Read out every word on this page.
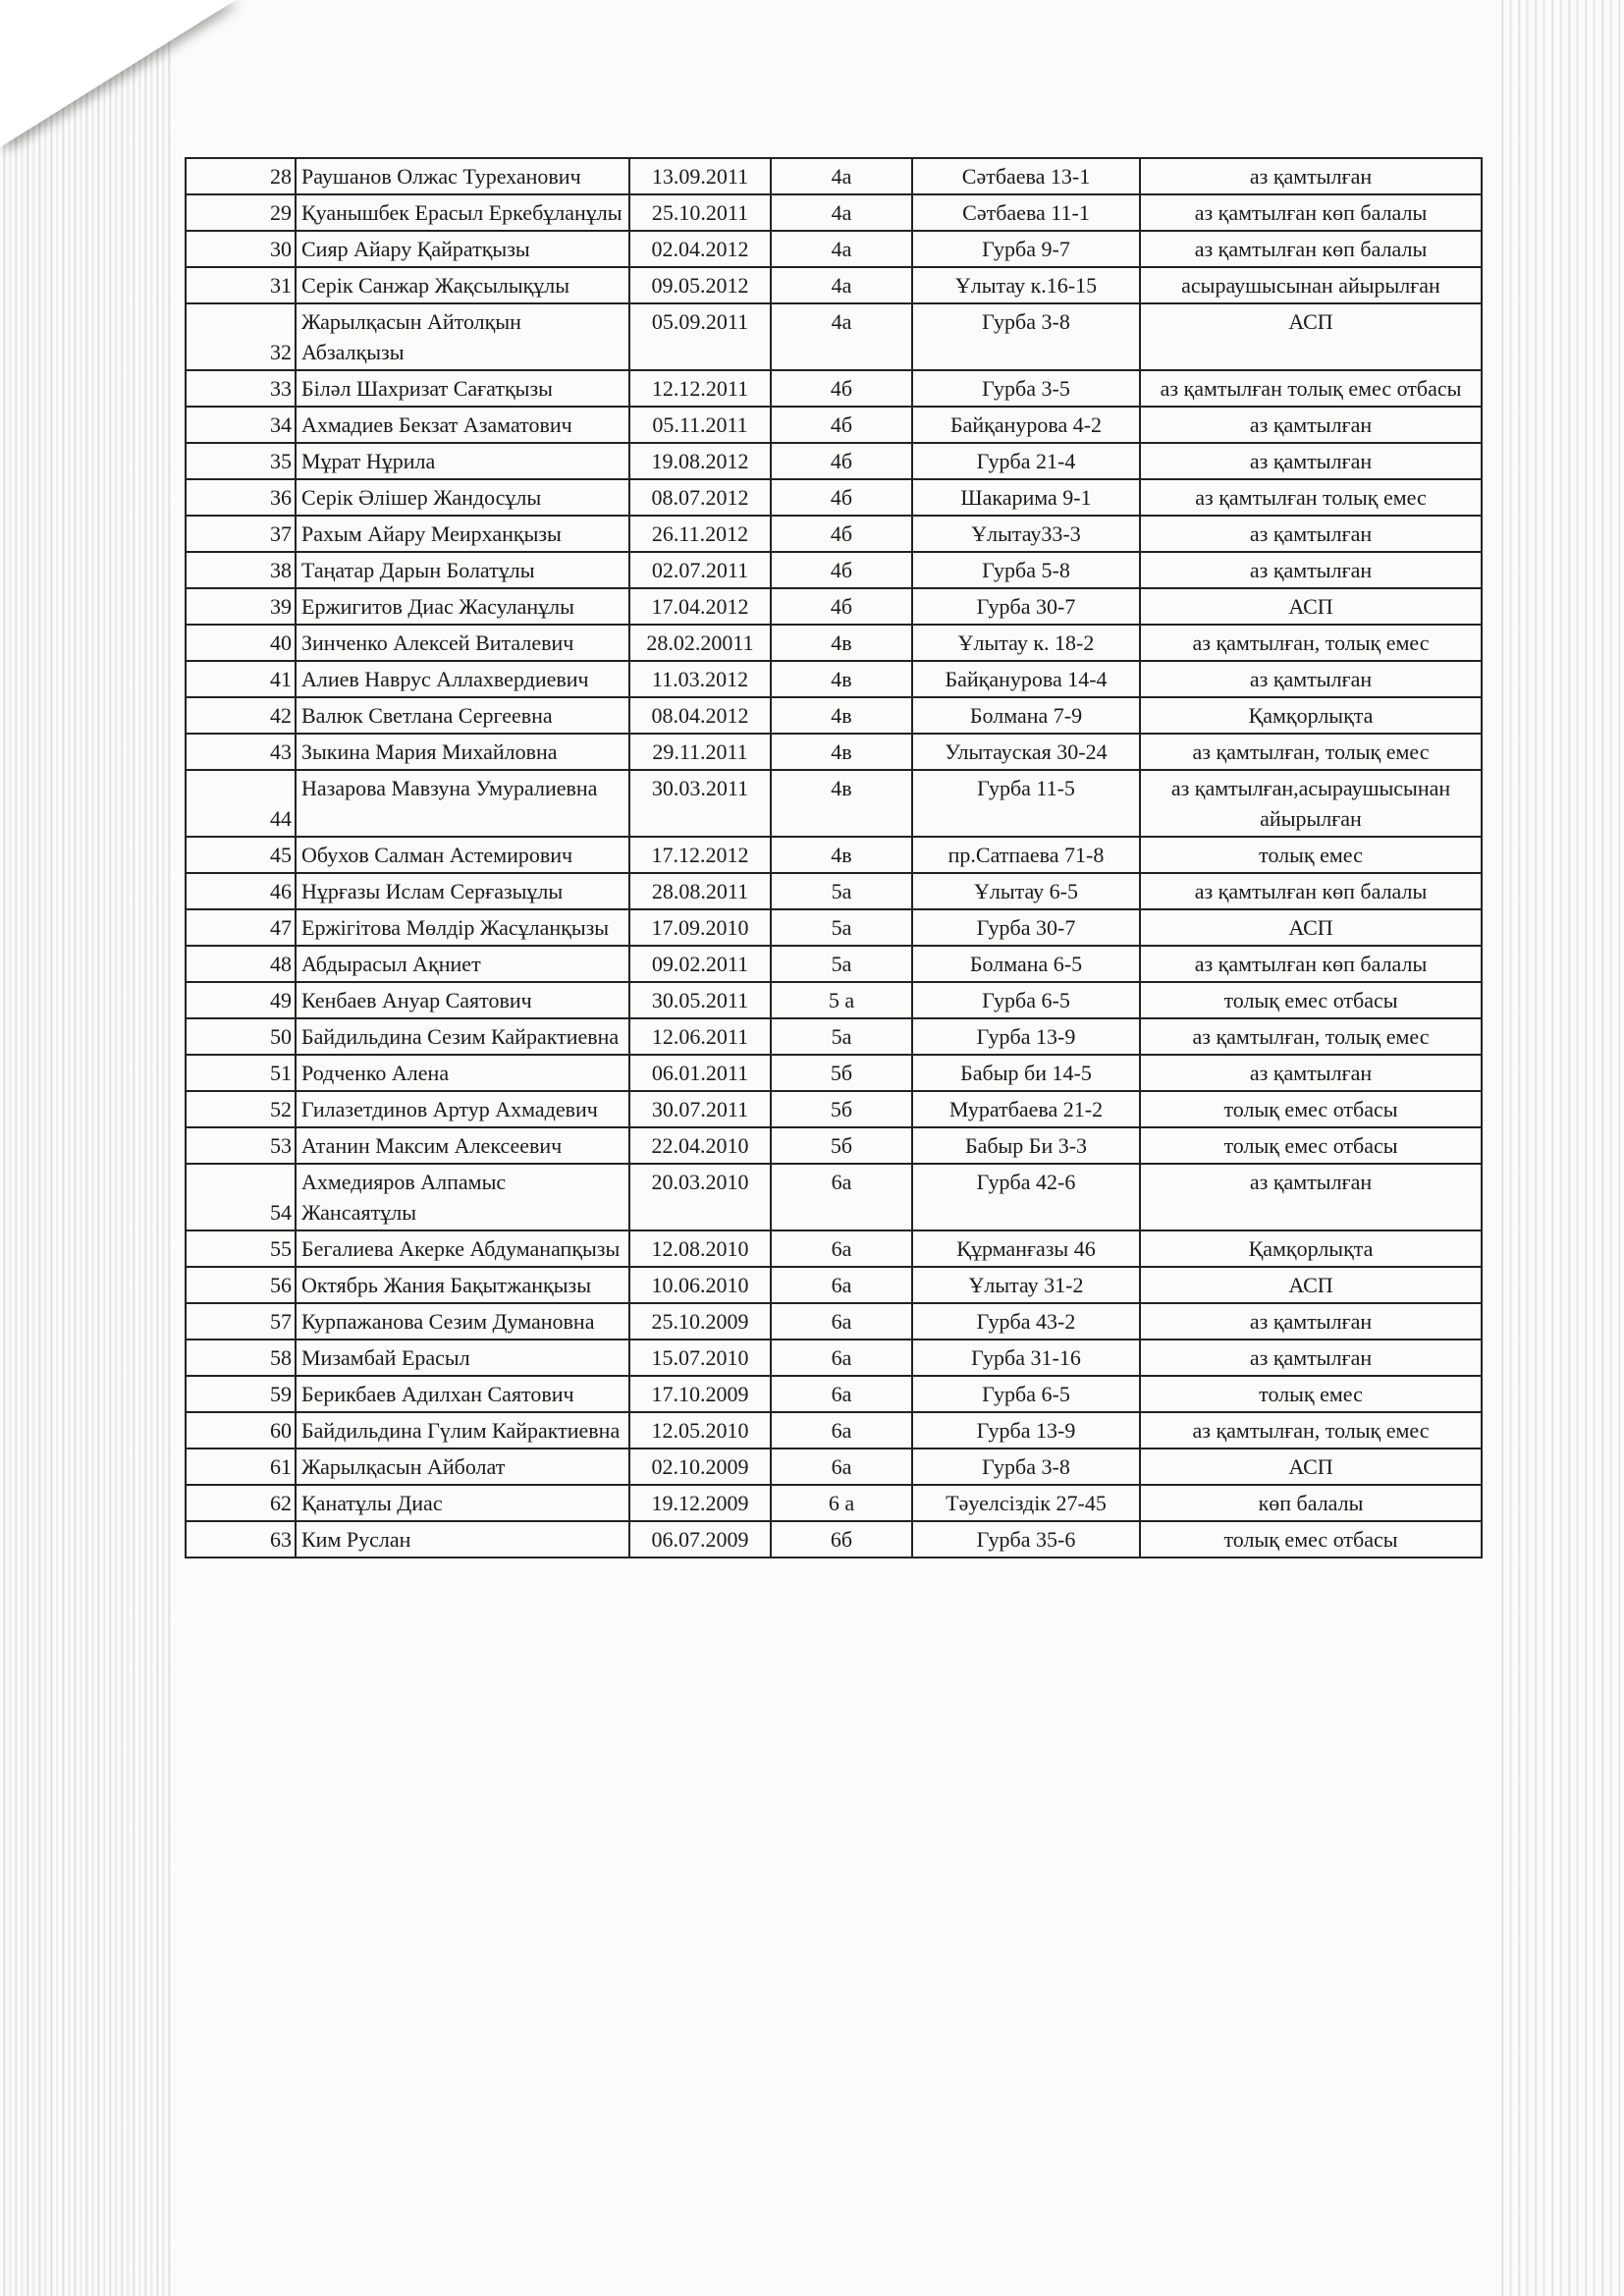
28	Раушанов Олжас Туреханович	13.09.2011	4а	Сәтбаева 13-1	аз қамтылған
29	Қуанышбек Ерасыл Еркебұланұлы	25.10.2011	4а	Сәтбаева 11-1	аз қамтылған көп балалы
30	Сияр Айару Қайратқызы	02.04.2012	4а	Гурба 9-7	аз қамтылған көп балалы
31	Серік Санжар Жақсылықұлы	09.05.2012	4а	Ұлытау к.16-15	асыраушысынан айырылған
32	Жарылқасын Айтолқын Абзалқызы	05.09.2011	4а	Гурба 3-8	АСП
33	Біләл Шахризат Сағатқызы	12.12.2011	4б	Гурба 3-5	аз қамтылған толық емес отбасы
34	Ахмадиев Бекзат Азаматович	05.11.2011	4б	Байқанурова 4-2	аз қамтылған
35	Мұрат Нұрила	19.08.2012	4б	Гурба 21-4	аз қамтылған
36	Серік Әлішер Жандосұлы	08.07.2012	4б	Шакарима 9-1	аз қамтылған толық емес
37	Рахым Айару Меирханқызы	26.11.2012	4б	Ұлытау33-3	аз қамтылған
38	Таңатар Дарын Болатұлы	02.07.2011	4б	Гурба 5-8	аз қамтылған
39	Ержигитов Диас Жасуланұлы	17.04.2012	4б	Гурба 30-7	АСП
40	Зинченко Алексей Виталевич	28.02.20011	4в	Ұлытау к. 18-2	аз қамтылған, толық емес
41	Алиев Наврус Аллахвердиевич	11.03.2012	4в	Байқанурова 14-4	аз қамтылған
42	Валюк Светлана Сергеевна	08.04.2012	4в	Болмана 7-9	Қамқорлықта
43	Зыкина Мария Михайловна	29.11.2011	4в	Улытауская 30-24	аз қамтылған, толық емес
44	Назарова Мавзуна Умуралиевна	30.03.2011	4в	Гурба 11-5	аз қамтылған,асыраушысынан айырылған
45	Обухов Салман Астемирович	17.12.2012	4в	пр.Сатпаева 71-8	толық емес
46	Нұрғазы Ислам Серғазыұлы	28.08.2011	5а	Ұлытау 6-5	аз қамтылған көп балалы
47	Ержігітова Мөлдір Жасұланқызы	17.09.2010	5а	Гурба 30-7	АСП
48	Абдырасыл Ақниет	09.02.2011	5а	Болмана 6-5	аз қамтылған көп балалы
49	Кенбаев Ануар Саятович	30.05.2011	5 а	Гурба 6-5	толық емес отбасы
50	Байдильдина Сезим Кайрактиевна	12.06.2011	5а	Гурба 13-9	аз қамтылған, толық емес
51	Родченко Алена	06.01.2011	5б	Бабыр би 14-5	аз қамтылған
52	Гилазетдинов Артур Ахмадевич	30.07.2011	5б	Муратбаева 21-2	толық емес отбасы
53	Атанин Максим Алексеевич	22.04.2010	5б	Бабыр Би 3-3	толық емес отбасы
54	Ахмедияров Алпамыс Жансаятұлы	20.03.2010	6а	Гурба 42-6	аз қамтылған
55	Бегалиева Акерке Абдуманапқызы	12.08.2010	6а	Құрманғазы 46	Қамқорлықта
56	Октябрь Жания Бақытжанқызы	10.06.2010	6а	Ұлытау 31-2	АСП
57	Курпажанова Сезим Думановна	25.10.2009	6а	Гурба 43-2	аз қамтылған
58	Мизамбай Ерасыл	15.07.2010	6а	Гурба 31-16	аз қамтылған
59	Берикбаев Адилхан Саятович	17.10.2009	6а	Гурба 6-5	толық емес
60	Байдильдина Гүлим Кайрактиевна	12.05.2010	6а	Гурба 13-9	аз қамтылған, толық емес
61	Жарылқасын Айболат	02.10.2009	6а	Гурба 3-8	АСП
62	Қанатұлы Диас	19.12.2009	6 а	Тәуелсіздік 27-45	көп балалы
63	Ким Руслан	06.07.2009	6б	Гурба 35-6	толық емес отбасы
